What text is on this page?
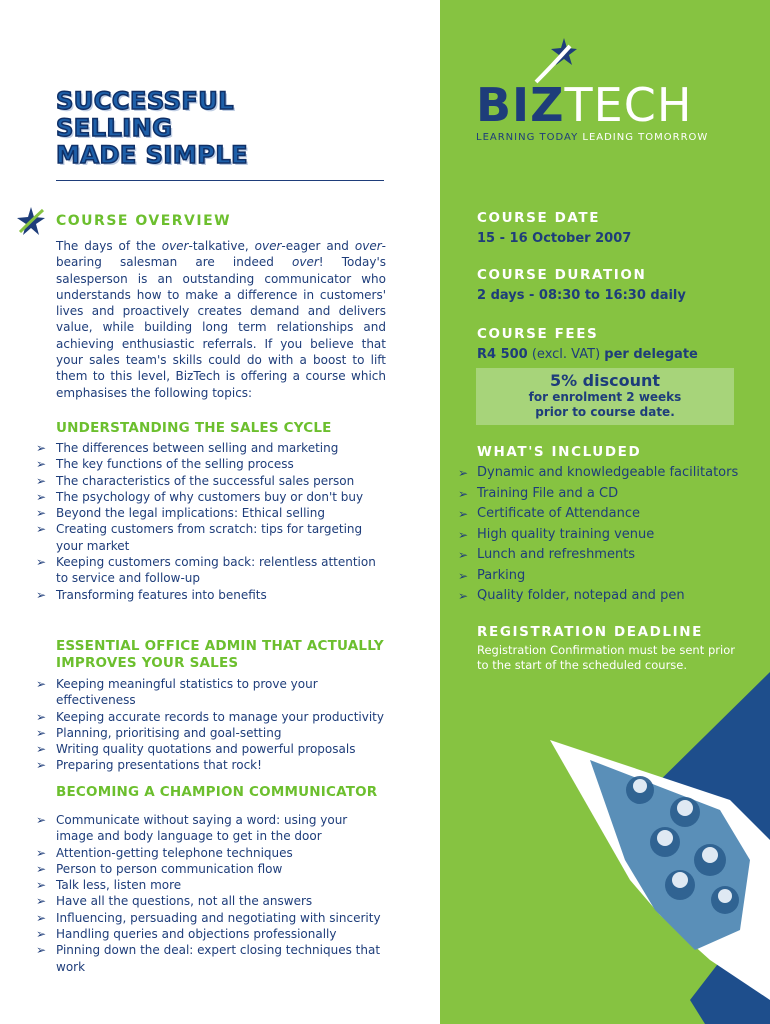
SUCCESSFUL
SELLING
MADE SIMPLE
COURSE OVERVIEW
The days of the over-talkative, over-eager and over-bearing salesman are indeed over! Today's salesperson is an outstanding communicator who understands how to make a difference in customers' lives and proactively creates demand and delivers value, while building long term relationships and achieving enthusiastic referrals. If you believe that your sales team's skills could do with a boost to lift them to this level, BizTech is offering a course which emphasises the following topics:
UNDERSTANDING THE SALES CYCLE
➢ The differences between selling and marketing
➢ The key functions of the selling process
➢ The characteristics of the successful sales person
➢ The psychology of why customers buy or don't buy
➢ Beyond the legal implications: Ethical selling
➢ Creating customers from scratch: tips for targeting your market
➢ Keeping customers coming back: relentless attention to service and follow-up
➢ Transforming features into benefits
ESSENTIAL OFFICE ADMIN THAT ACTUALLY IMPROVES YOUR SALES
➢ Keeping meaningful statistics to prove your effectiveness
➢ Keeping accurate records to manage your productivity
➢ Planning, prioritising and goal-setting
➢ Writing quality quotations and powerful proposals
➢ Preparing presentations that rock!
BECOMING A CHAMPION COMMUNICATOR
➢ Communicate without saying a word: using your image and body language to get in the door
➢ Attention-getting telephone techniques
➢ Person to person communication flow
➢ Talk less, listen more
➢ Have all the questions, not all the answers
➢ Influencing, persuading and negotiating with sincerity
➢ Handling queries and objections professionally
➢ Pinning down the deal: expert closing techniques that work
BIZTECH
LEARNING TODAY LEADING TOMORROW
COURSE DATE
15 - 16 October 2007
COURSE DURATION
2 days - 08:30 to 16:30 daily
COURSE FEES
R4 500 (excl. VAT) per delegate
5% discount
for enrolment 2 weeks
prior to course date.
WHAT'S INCLUDED
➢ Dynamic and knowledgeable facilitators
➢ Training File and a CD
➢ Certificate of Attendance
➢ High quality training venue
➢ Lunch and refreshments
➢ Parking
➢ Quality folder, notepad and pen
REGISTRATION DEADLINE
Registration Confirmation must be sent prior to the start of the scheduled course.
